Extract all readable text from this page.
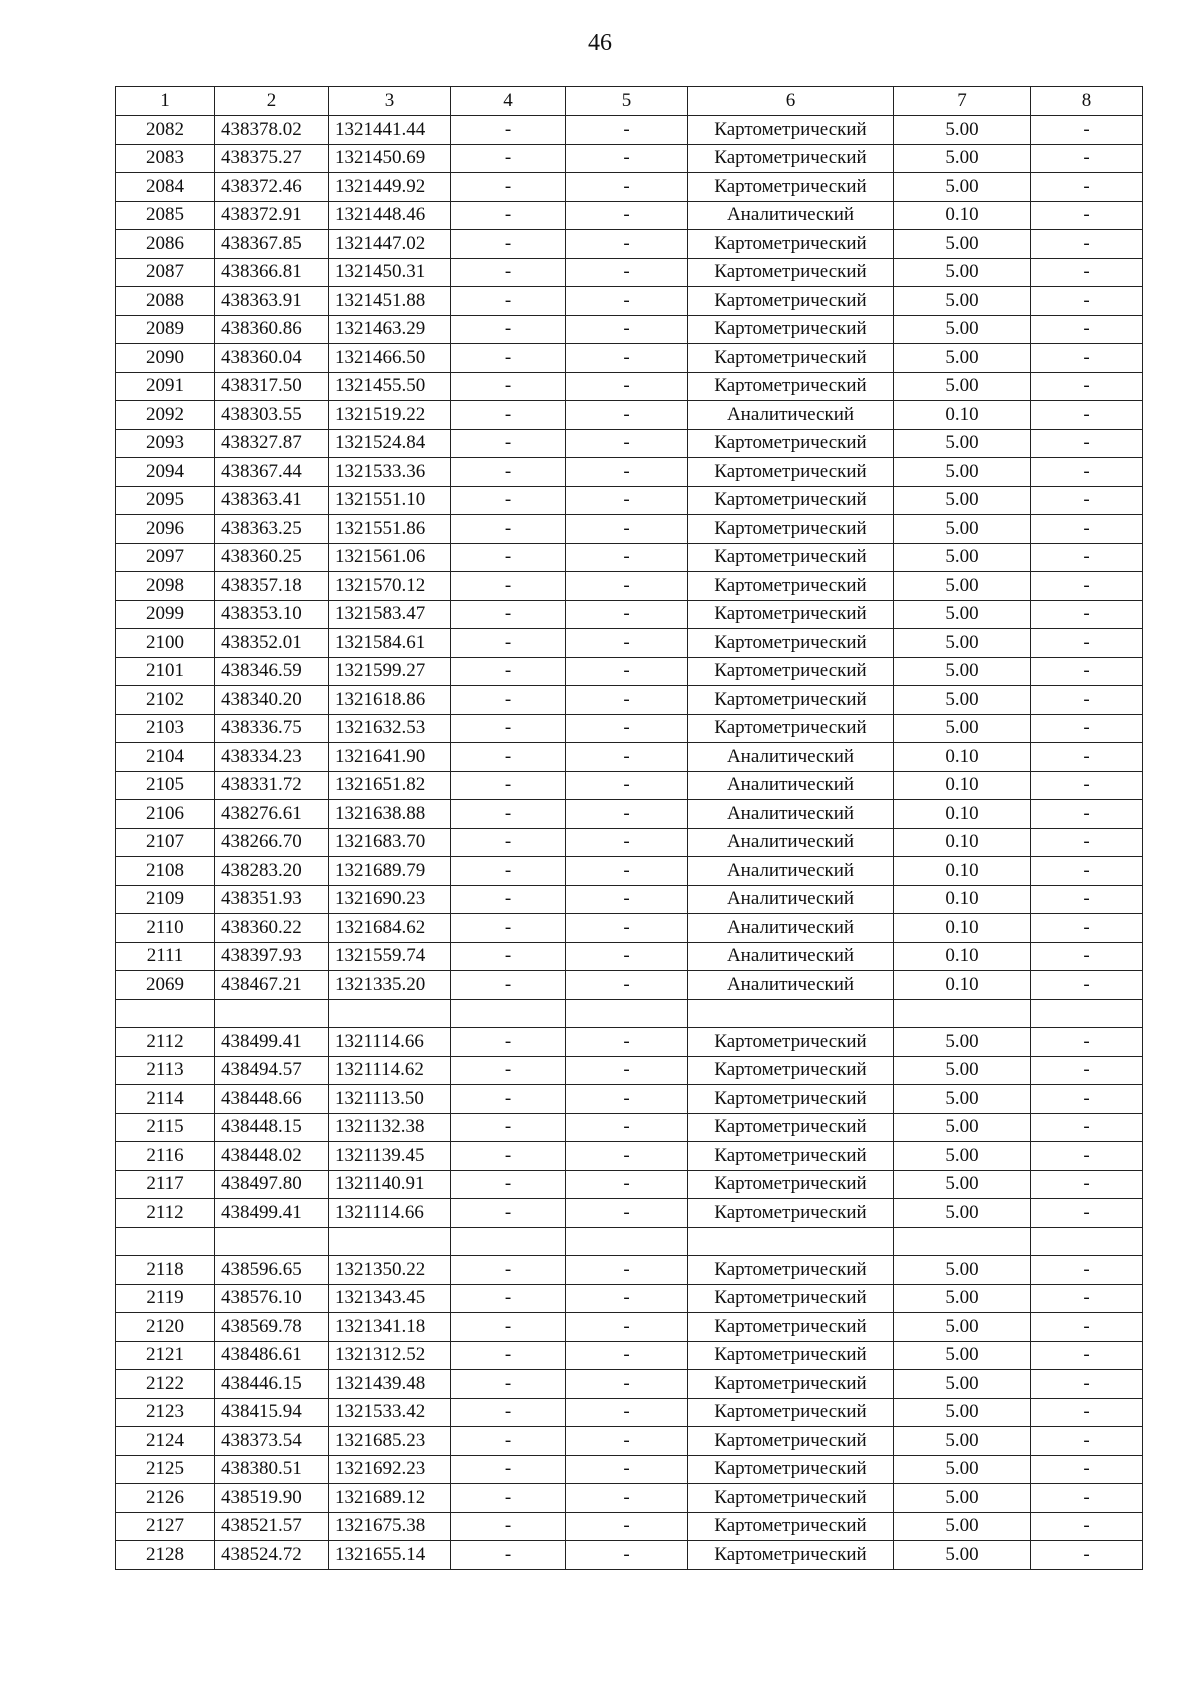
46
1	2	3	4	5	6	7	8
2082	438378.02	1321441.44	-	-	Картометрический	5.00	-
2083	438375.27	1321450.69	-	-	Картометрический	5.00	-
2084	438372.46	1321449.92	-	-	Картометрический	5.00	-
2085	438372.91	1321448.46	-	-	Аналитический	0.10	-
2086	438367.85	1321447.02	-	-	Картометрический	5.00	-
2087	438366.81	1321450.31	-	-	Картометрический	5.00	-
2088	438363.91	1321451.88	-	-	Картометрический	5.00	-
2089	438360.86	1321463.29	-	-	Картометрический	5.00	-
2090	438360.04	1321466.50	-	-	Картометрический	5.00	-
2091	438317.50	1321455.50	-	-	Картометрический	5.00	-
2092	438303.55	1321519.22	-	-	Аналитический	0.10	-
2093	438327.87	1321524.84	-	-	Картометрический	5.00	-
2094	438367.44	1321533.36	-	-	Картометрический	5.00	-
2095	438363.41	1321551.10	-	-	Картометрический	5.00	-
2096	438363.25	1321551.86	-	-	Картометрический	5.00	-
2097	438360.25	1321561.06	-	-	Картометрический	5.00	-
2098	438357.18	1321570.12	-	-	Картометрический	5.00	-
2099	438353.10	1321583.47	-	-	Картометрический	5.00	-
2100	438352.01	1321584.61	-	-	Картометрический	5.00	-
2101	438346.59	1321599.27	-	-	Картометрический	5.00	-
2102	438340.20	1321618.86	-	-	Картометрический	5.00	-
2103	438336.75	1321632.53	-	-	Картометрический	5.00	-
2104	438334.23	1321641.90	-	-	Аналитический	0.10	-
2105	438331.72	1321651.82	-	-	Аналитический	0.10	-
2106	438276.61	1321638.88	-	-	Аналитический	0.10	-
2107	438266.70	1321683.70	-	-	Аналитический	0.10	-
2108	438283.20	1321689.79	-	-	Аналитический	0.10	-
2109	438351.93	1321690.23	-	-	Аналитический	0.10	-
2110	438360.22	1321684.62	-	-	Аналитический	0.10	-
2111	438397.93	1321559.74	-	-	Аналитический	0.10	-
2069	438467.21	1321335.20	-	-	Аналитический	0.10	-

2112	438499.41	1321114.66	-	-	Картометрический	5.00	-
2113	438494.57	1321114.62	-	-	Картометрический	5.00	-
2114	438448.66	1321113.50	-	-	Картометрический	5.00	-
2115	438448.15	1321132.38	-	-	Картометрический	5.00	-
2116	438448.02	1321139.45	-	-	Картометрический	5.00	-
2117	438497.80	1321140.91	-	-	Картометрический	5.00	-
2112	438499.41	1321114.66	-	-	Картометрический	5.00	-

2118	438596.65	1321350.22	-	-	Картометрический	5.00	-
2119	438576.10	1321343.45	-	-	Картометрический	5.00	-
2120	438569.78	1321341.18	-	-	Картометрический	5.00	-
2121	438486.61	1321312.52	-	-	Картометрический	5.00	-
2122	438446.15	1321439.48	-	-	Картометрический	5.00	-
2123	438415.94	1321533.42	-	-	Картометрический	5.00	-
2124	438373.54	1321685.23	-	-	Картометрический	5.00	-
2125	438380.51	1321692.23	-	-	Картометрический	5.00	-
2126	438519.90	1321689.12	-	-	Картометрический	5.00	-
2127	438521.57	1321675.38	-	-	Картометрический	5.00	-
2128	438524.72	1321655.14	-	-	Картометрический	5.00	-
